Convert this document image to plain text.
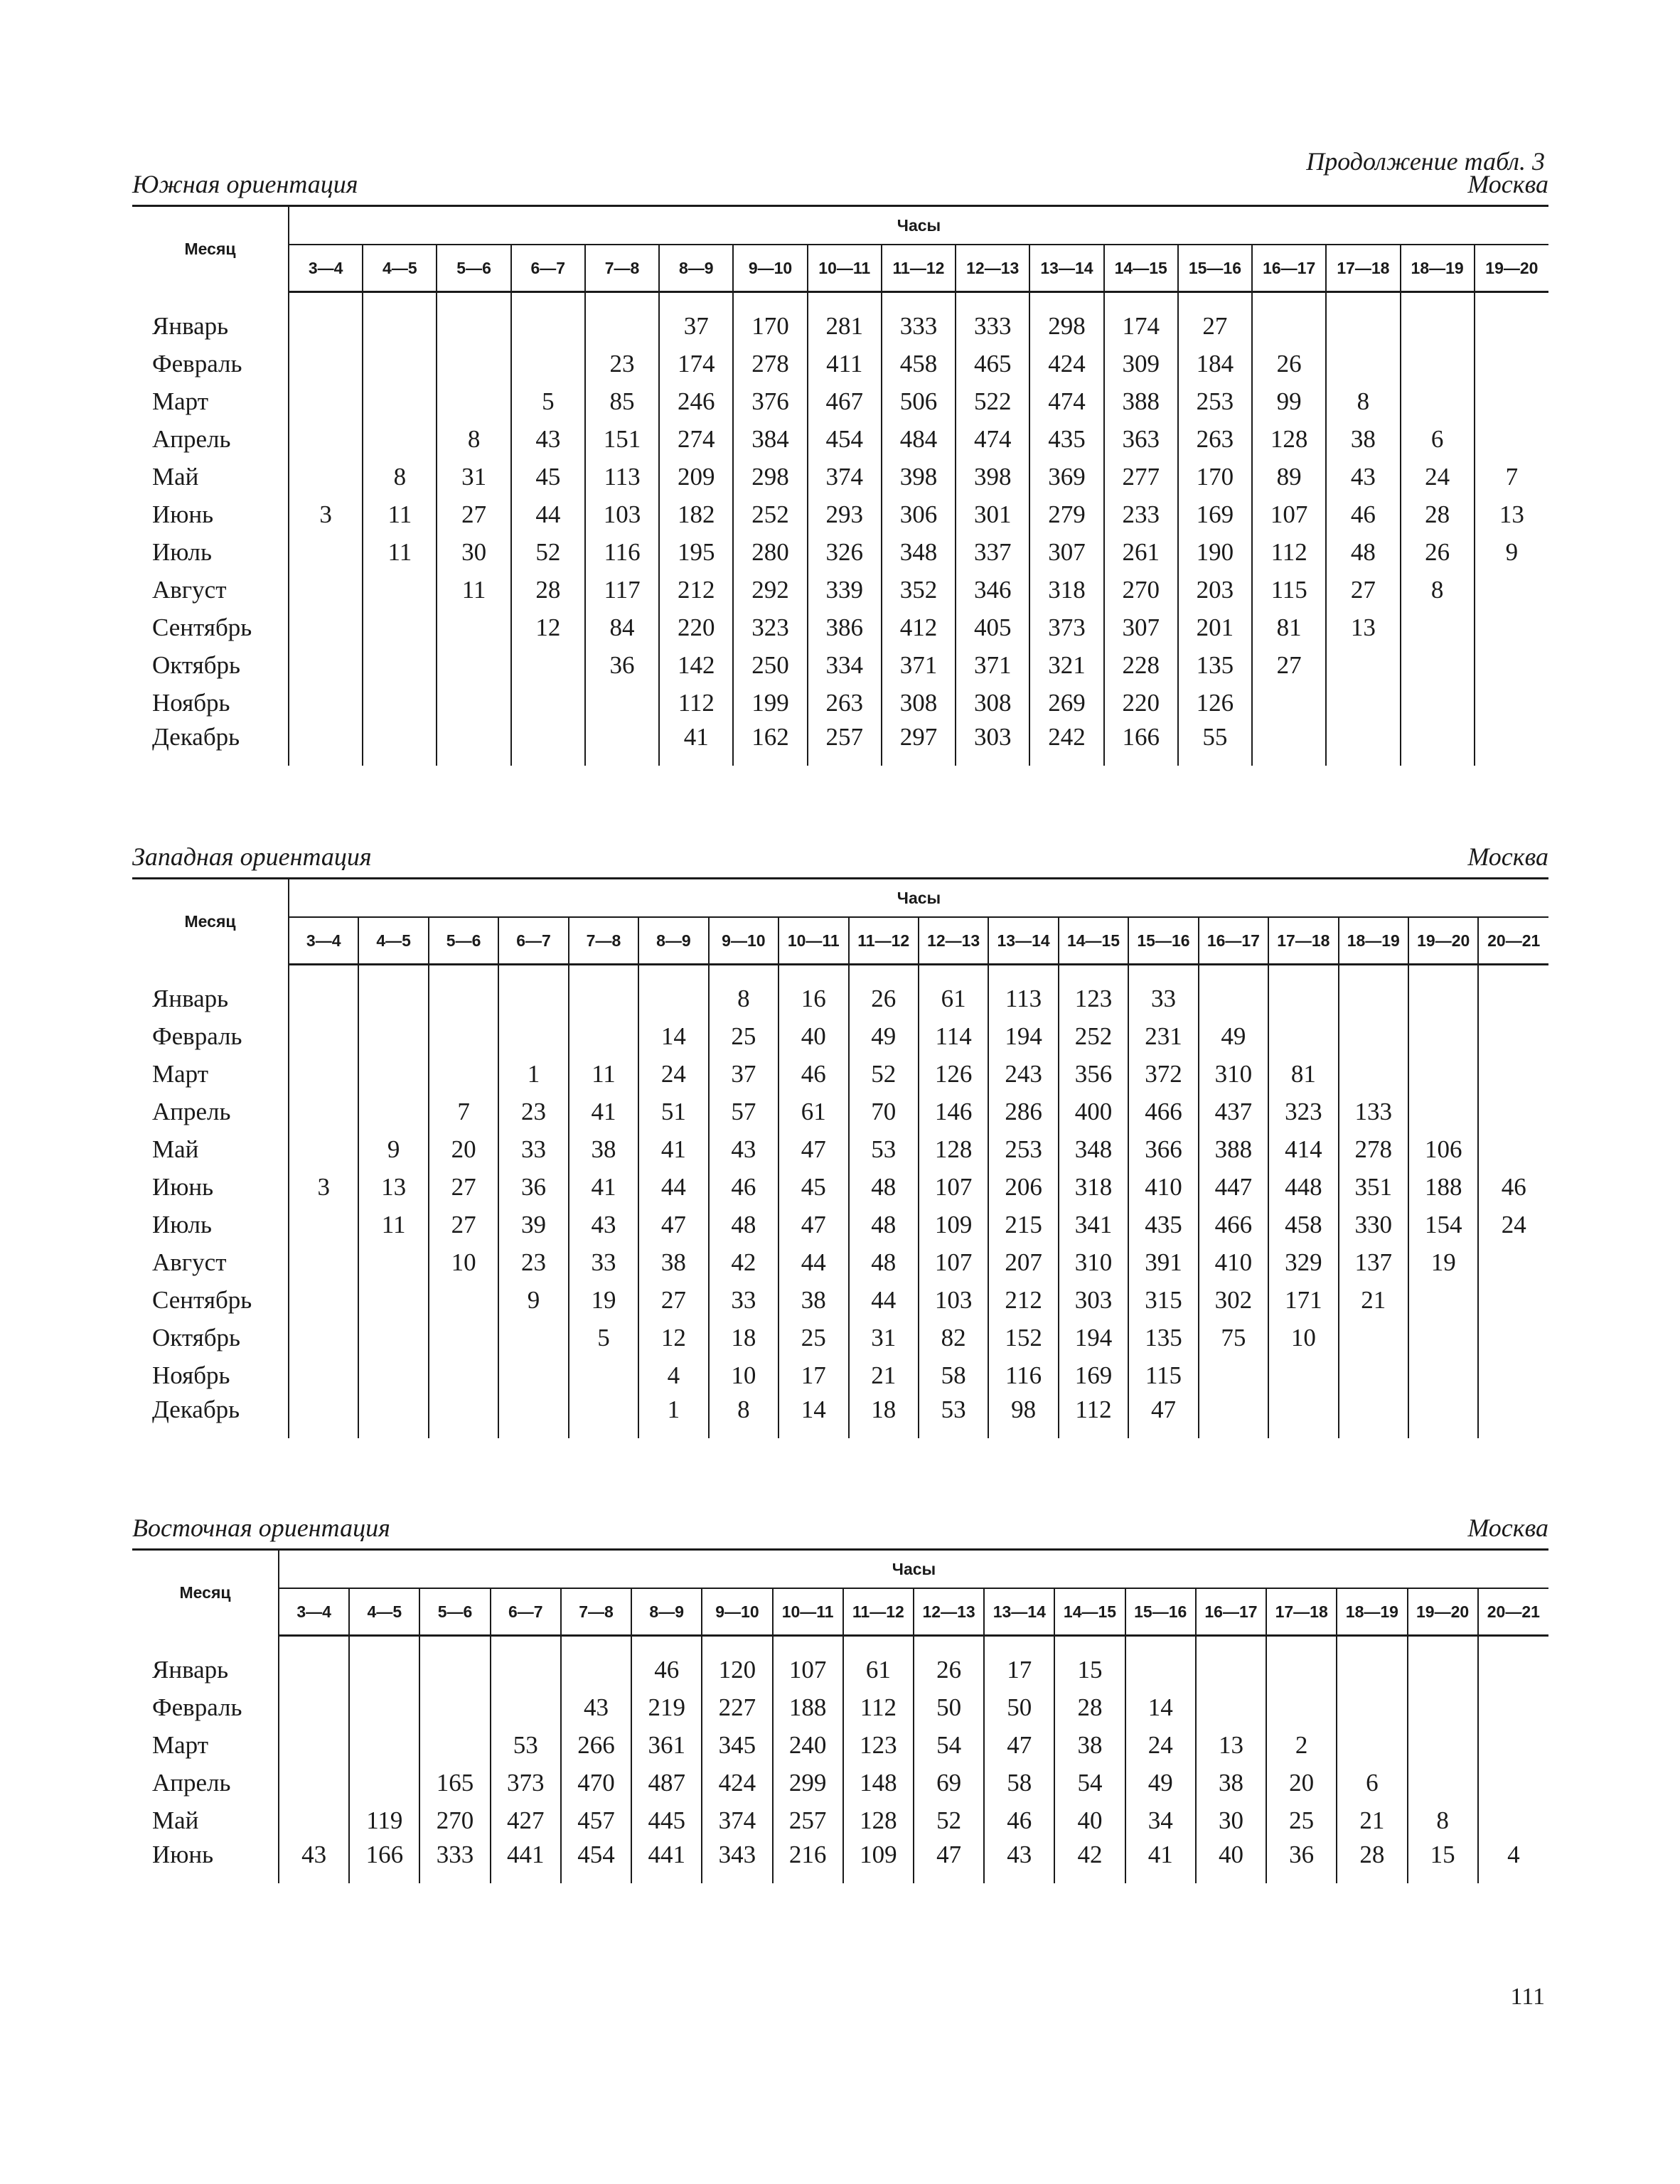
Продолжение табл. 3
Южная ориентация	Москва
Месяц	Часы																
	3—4	4—5	5—6	6—7	7—8	8—9	9—10	10—11	11—12	12—13	13—14	14—15	15—16	16—17	17—18	18—19	19—20

Январь						37	170	281	333	333	298	174	27				
Февраль					23	174	278	411	458	465	424	309	184	26			
Март				5	85	246	376	467	506	522	474	388	253	99	8		
Апрель			8	43	151	274	384	454	484	474	435	363	263	128	38	6	
Май		8	31	45	113	209	298	374	398	398	369	277	170	89	43	24	7
Июнь	3	11	27	44	103	182	252	293	306	301	279	233	169	107	46	28	13
Июль		11	30	52	116	195	280	326	348	337	307	261	190	112	48	26	9
Август			11	28	117	212	292	339	352	346	318	270	203	115	27	8	
Сентябрь				12	84	220	323	386	412	405	373	307	201	81	13		
Октябрь					36	142	250	334	371	371	321	228	135	27			
Ноябрь						112	199	263	308	308	269	220	126				
Декабрь						41	162	257	297	303	242	166	55				
Западная ориентация	Москва
Месяц	Часы																	
	3—4	4—5	5—6	6—7	7—8	8—9	9—10	10—11	11—12	12—13	13—14	14—15	15—16	16—17	17—18	18—19	19—20	20—21

Январь							8	16	26	61	113	123	33					
Февраль						14	25	40	49	114	194	252	231	49				
Март				1	11	24	37	46	52	126	243	356	372	310	81			
Апрель			7	23	41	51	57	61	70	146	286	400	466	437	323	133		
Май		9	20	33	38	41	43	47	53	128	253	348	366	388	414	278	106	
Июнь	3	13	27	36	41	44	46	45	48	107	206	318	410	447	448	351	188	46
Июль		11	27	39	43	47	48	47	48	109	215	341	435	466	458	330	154	24
Август			10	23	33	38	42	44	48	107	207	310	391	410	329	137	19	
Сентябрь				9	19	27	33	38	44	103	212	303	315	302	171	21		
Октябрь					5	12	18	25	31	82	152	194	135	75	10			
Ноябрь						4	10	17	21	58	116	169	115					
Декабрь						1	8	14	18	53	98	112	47					
Восточная ориентация	Москва
Месяц	Часы																	
	3—4	4—5	5—6	6—7	7—8	8—9	9—10	10—11	11—12	12—13	13—14	14—15	15—16	16—17	17—18	18—19	19—20	20—21

Январь						46	120	107	61	26	17	15						
Февраль					43	219	227	188	112	50	50	28	14					
Март				53	266	361	345	240	123	54	47	38	24	13	2			
Апрель			165	373	470	487	424	299	148	69	58	54	49	38	20	6		
Май		119	270	427	457	445	374	257	128	52	46	40	34	30	25	21	8	
Июнь	43	166	333	441	454	441	343	216	109	47	43	42	41	40	36	28	15	4
111
